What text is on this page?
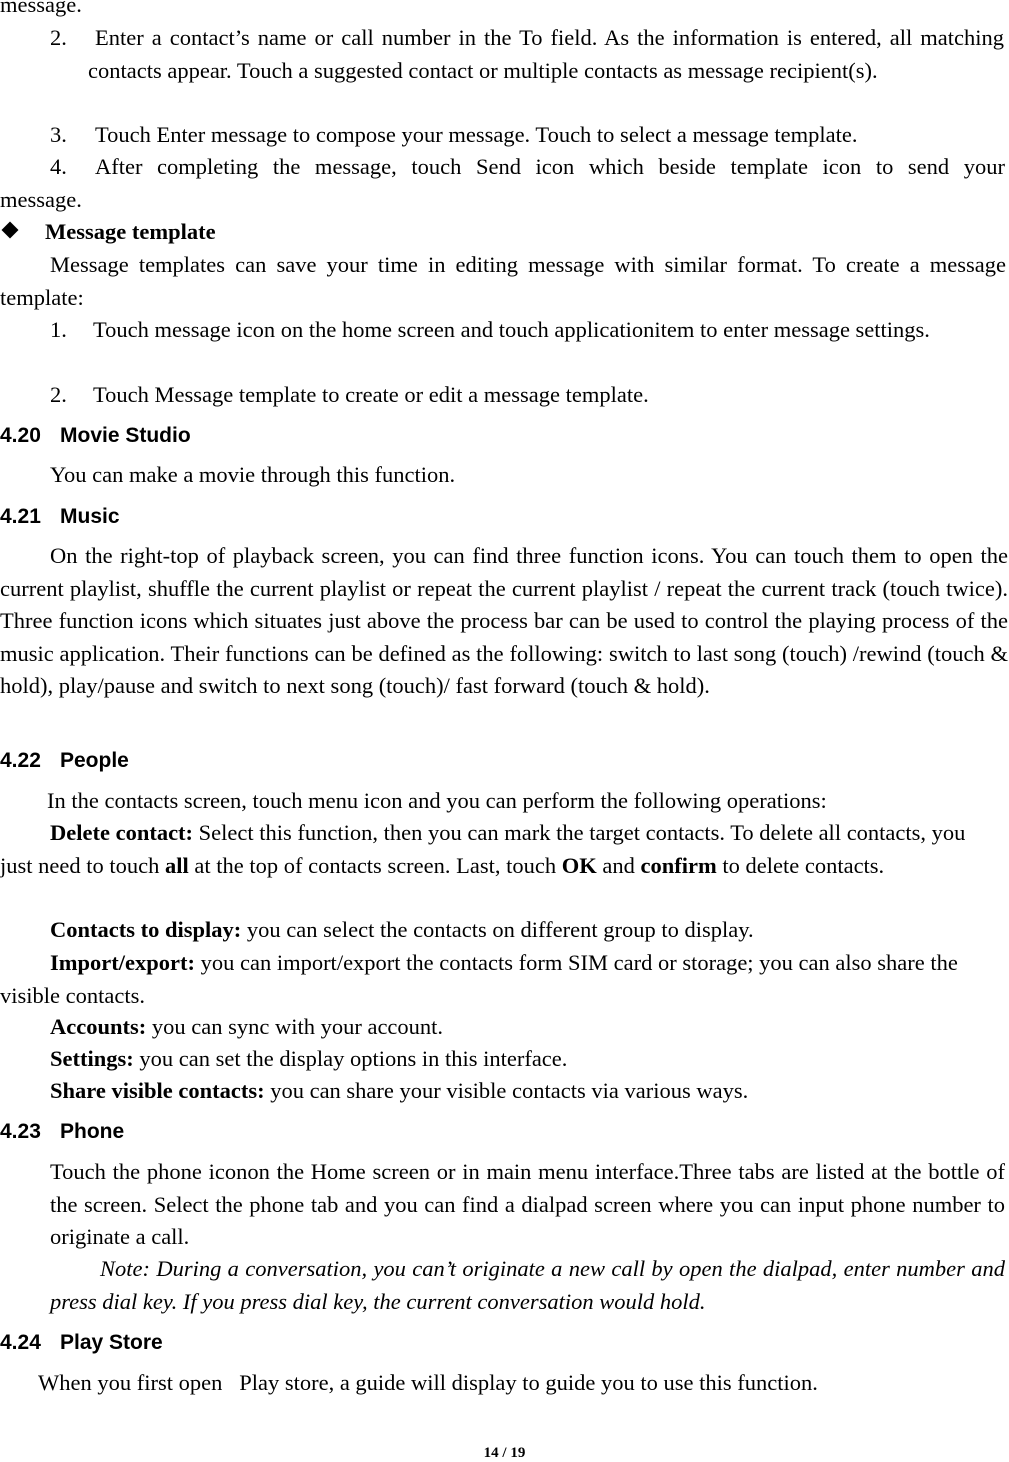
message.

2.	Enter a contact’s name or call number in the To field. As the information is entered, all matching contacts appear. Touch a suggested contact or multiple contacts as message recipient(s).

3. Touch Enter message to compose your message. Touch to select a message template.

4. After completing the message, touch Send icon which beside template icon to send your

message.

Message template

Message templates can save your time in editing message with similar format. To create a message template:

1. Touch message icon on the home screen and touch applicationitem to enter message settings.

2. Touch Message template to create or edit a message template.

4.20 Movie Studio

You can make a movie through this function.

4.21 Music

On the right-top of playback screen, you can find three function icons. You can touch them to open the current playlist, shuffle the current playlist or repeat the current playlist / repeat the current track (touch twice). Three function icons which situates just above the process bar can be used to control the playing process of the music application. Their functions can be defined as the following: switch to last song (touch) /rewind (touch & hold), play/pause and switch to next song (touch)/ fast forward (touch & hold).

4.22 People

In the contacts screen, touch menu icon and you can perform the following operations:

Delete contact: Select this function, then you can mark the target contacts. To delete all contacts, you just need to touch all at the top of contacts screen. Last, touch OK and confirm to delete contacts.

Contacts to display: you can select the contacts on different group to display.

Import/export: you can import/export the contacts form SIM card or storage; you can also share the visible contacts.

Accounts: you can sync with your account.

Settings: you can set the display options in this interface.

Share visible contacts: you can share your visible contacts via various ways.

4.23 Phone

Touch the phone iconon the Home screen or in main menu interface.Three tabs are listed at the bottle of the screen. Select the phone tab and you can find a dialpad screen where you can input phone number to originate a call.

Note: During a conversation, you can’t originate a new call by open the dialpad, enter number and press dial key. If you press dial key, the current conversation would hold.

4.24 Play Store

When you first open   Play store, a guide will display to guide you to use this function.

14 / 19
